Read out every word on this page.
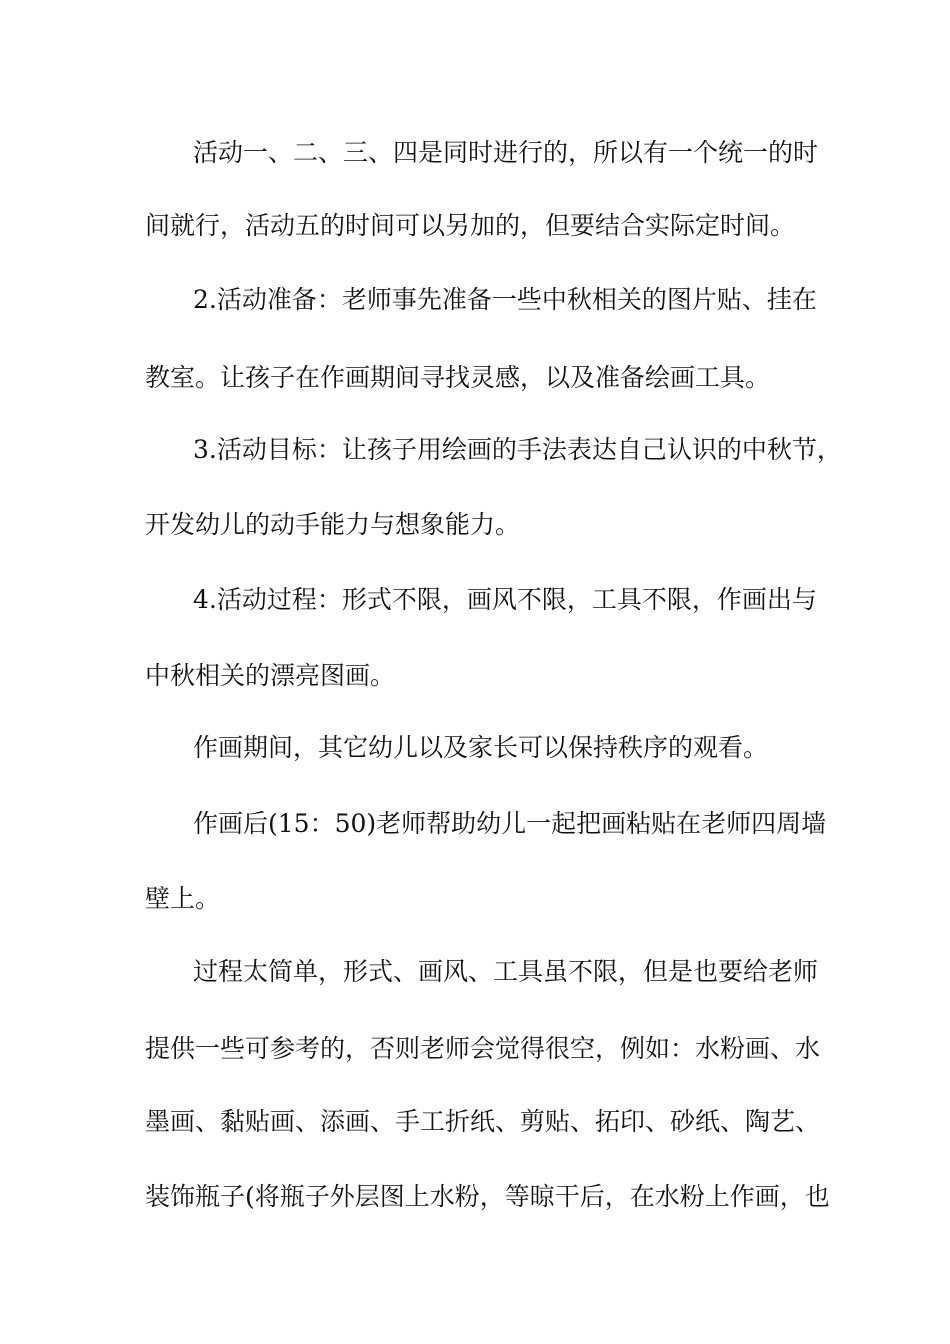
活动一、二、三、四是同时进行的，所以有一个统一的时
间就行，活动五的时间可以另加的，但要结合实际定时间。
2.活动准备：老师事先准备一些中秋相关的图片贴、挂在
教室。让孩子在作画期间寻找灵感，以及准备绘画工具。
3.活动目标：让孩子用绘画的手法表达自己认识的中秋节，
开发幼儿的动手能力与想象能力。
4.活动过程：形式不限，画风不限，工具不限，作画出与
中秋相关的漂亮图画。
作画期间，其它幼儿以及家长可以保持秩序的观看。
作画后(15：50)老师帮助幼儿一起把画粘贴在老师四周墙
壁上。
过程太简单，形式、画风、工具虽不限，但是也要给老师
提供一些可参考的，否则老师会觉得很空，例如：水粉画、水
墨画、黏贴画、添画、手工折纸、剪贴、拓印、砂纸、陶艺、
装饰瓶子(将瓶子外层图上水粉，等晾干后，在水粉上作画，也
